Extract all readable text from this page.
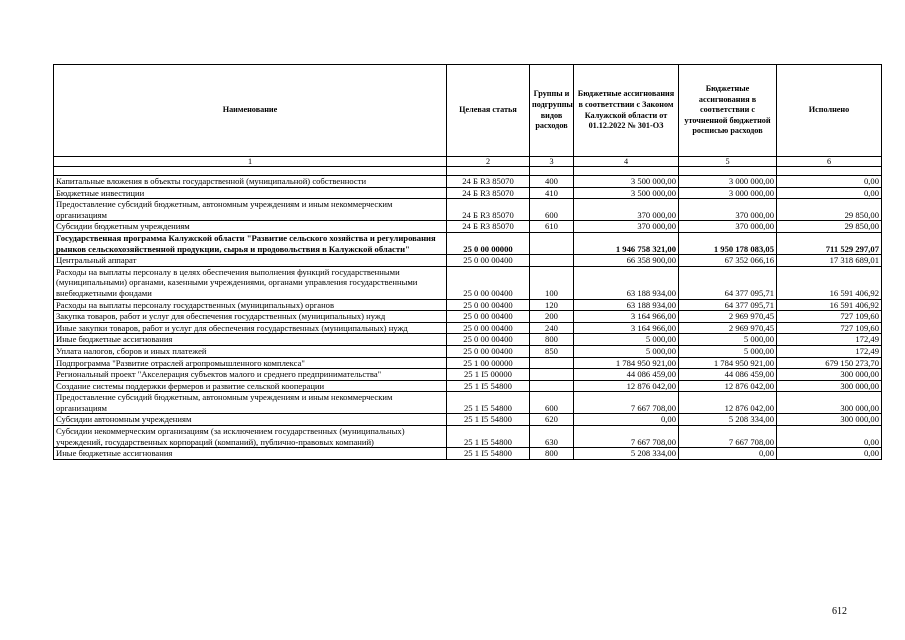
Наименование	Целевая статья	Группы и подгруппы видов расходов	Бюджетные ассигнования в соответствии с Законом Калужской области от 01.12.2022 № 301-ОЗ	Бюджетные ассигнования в соответствии с уточненной бюджетной росписью расходов	Исполнено
1	2	3	4	5	6

Капитальные вложения в объекты государственной (муниципальной) собственности	24 Б R3 85070	400	3 500 000,00	3 000 000,00	0,00
Бюджетные инвестиции	24 Б R3 85070	410	3 500 000,00	3 000 000,00	0,00
Предоставление субсидий бюджетным, автономным учреждениям и иным некоммерческим организациям	24 Б R3 85070	600	370 000,00	370 000,00	29 850,00
Субсидии бюджетным учреждениям	24 Б R3 85070	610	370 000,00	370 000,00	29 850,00
Государственная программа Калужской области "Развитие сельского хозяйства и регулирования рынков сельскохозяйственной продукции, сырья и продовольствия в Калужской области"	25 0 00 00000		1 946 758 321,00	1 950 178 083,05	711 529 297,07
Центральный аппарат	25 0 00 00400		66 358 900,00	67 352 066,16	17 318 689,01
Расходы на выплаты персоналу в целях обеспечения выполнения функций государственными (муниципальными) органами, казенными учреждениями, органами управления государственными внебюджетными фондами	25 0 00 00400	100	63 188 934,00	64 377 095,71	16 591 406,92
Расходы на выплаты персоналу государственных (муниципальных) органов	25 0 00 00400	120	63 188 934,00	64 377 095,71	16 591 406,92
Закупка товаров, работ и услуг для обеспечения государственных (муниципальных) нужд	25 0 00 00400	200	3 164 966,00	2 969 970,45	727 109,60
Иные закупки товаров, работ и услуг для обеспечения государственных (муниципальных) нужд	25 0 00 00400	240	3 164 966,00	2 969 970,45	727 109,60
Иные бюджетные ассигнования	25 0 00 00400	800	5 000,00	5 000,00	172,49
Уплата налогов, сборов и иных платежей	25 0 00 00400	850	5 000,00	5 000,00	172,49
Подпрограмма "Развитие отраслей агропромышленного комплекса"	25 1 00 00000		1 784 950 921,00	1 784 950 921,00	679 150 273,70
Региональный проект "Акселерация субъектов малого и среднего предпринимательства"	25 1 I5 00000		44 086 459,00	44 086 459,00	300 000,00
Создание системы поддержки фермеров и развитие сельской кооперации	25 1 I5 54800		12 876 042,00	12 876 042,00	300 000,00
Предоставление субсидий бюджетным, автономным учреждениям и иным некоммерческим организациям	25 1 I5 54800	600	7 667 708,00	12 876 042,00	300 000,00
Субсидии автономным учреждениям	25 1 I5 54800	620	0,00	5 208 334,00	300 000,00
Субсидии некоммерческим организациям (за исключением государственных (муниципальных) учреждений, государственных корпораций (компаний), публично-правовых компаний)	25 1 I5 54800	630	7 667 708,00	7 667 708,00	0,00
Иные бюджетные ассигнования	25 1 I5 54800	800	5 208 334,00	0,00	0,00
612
